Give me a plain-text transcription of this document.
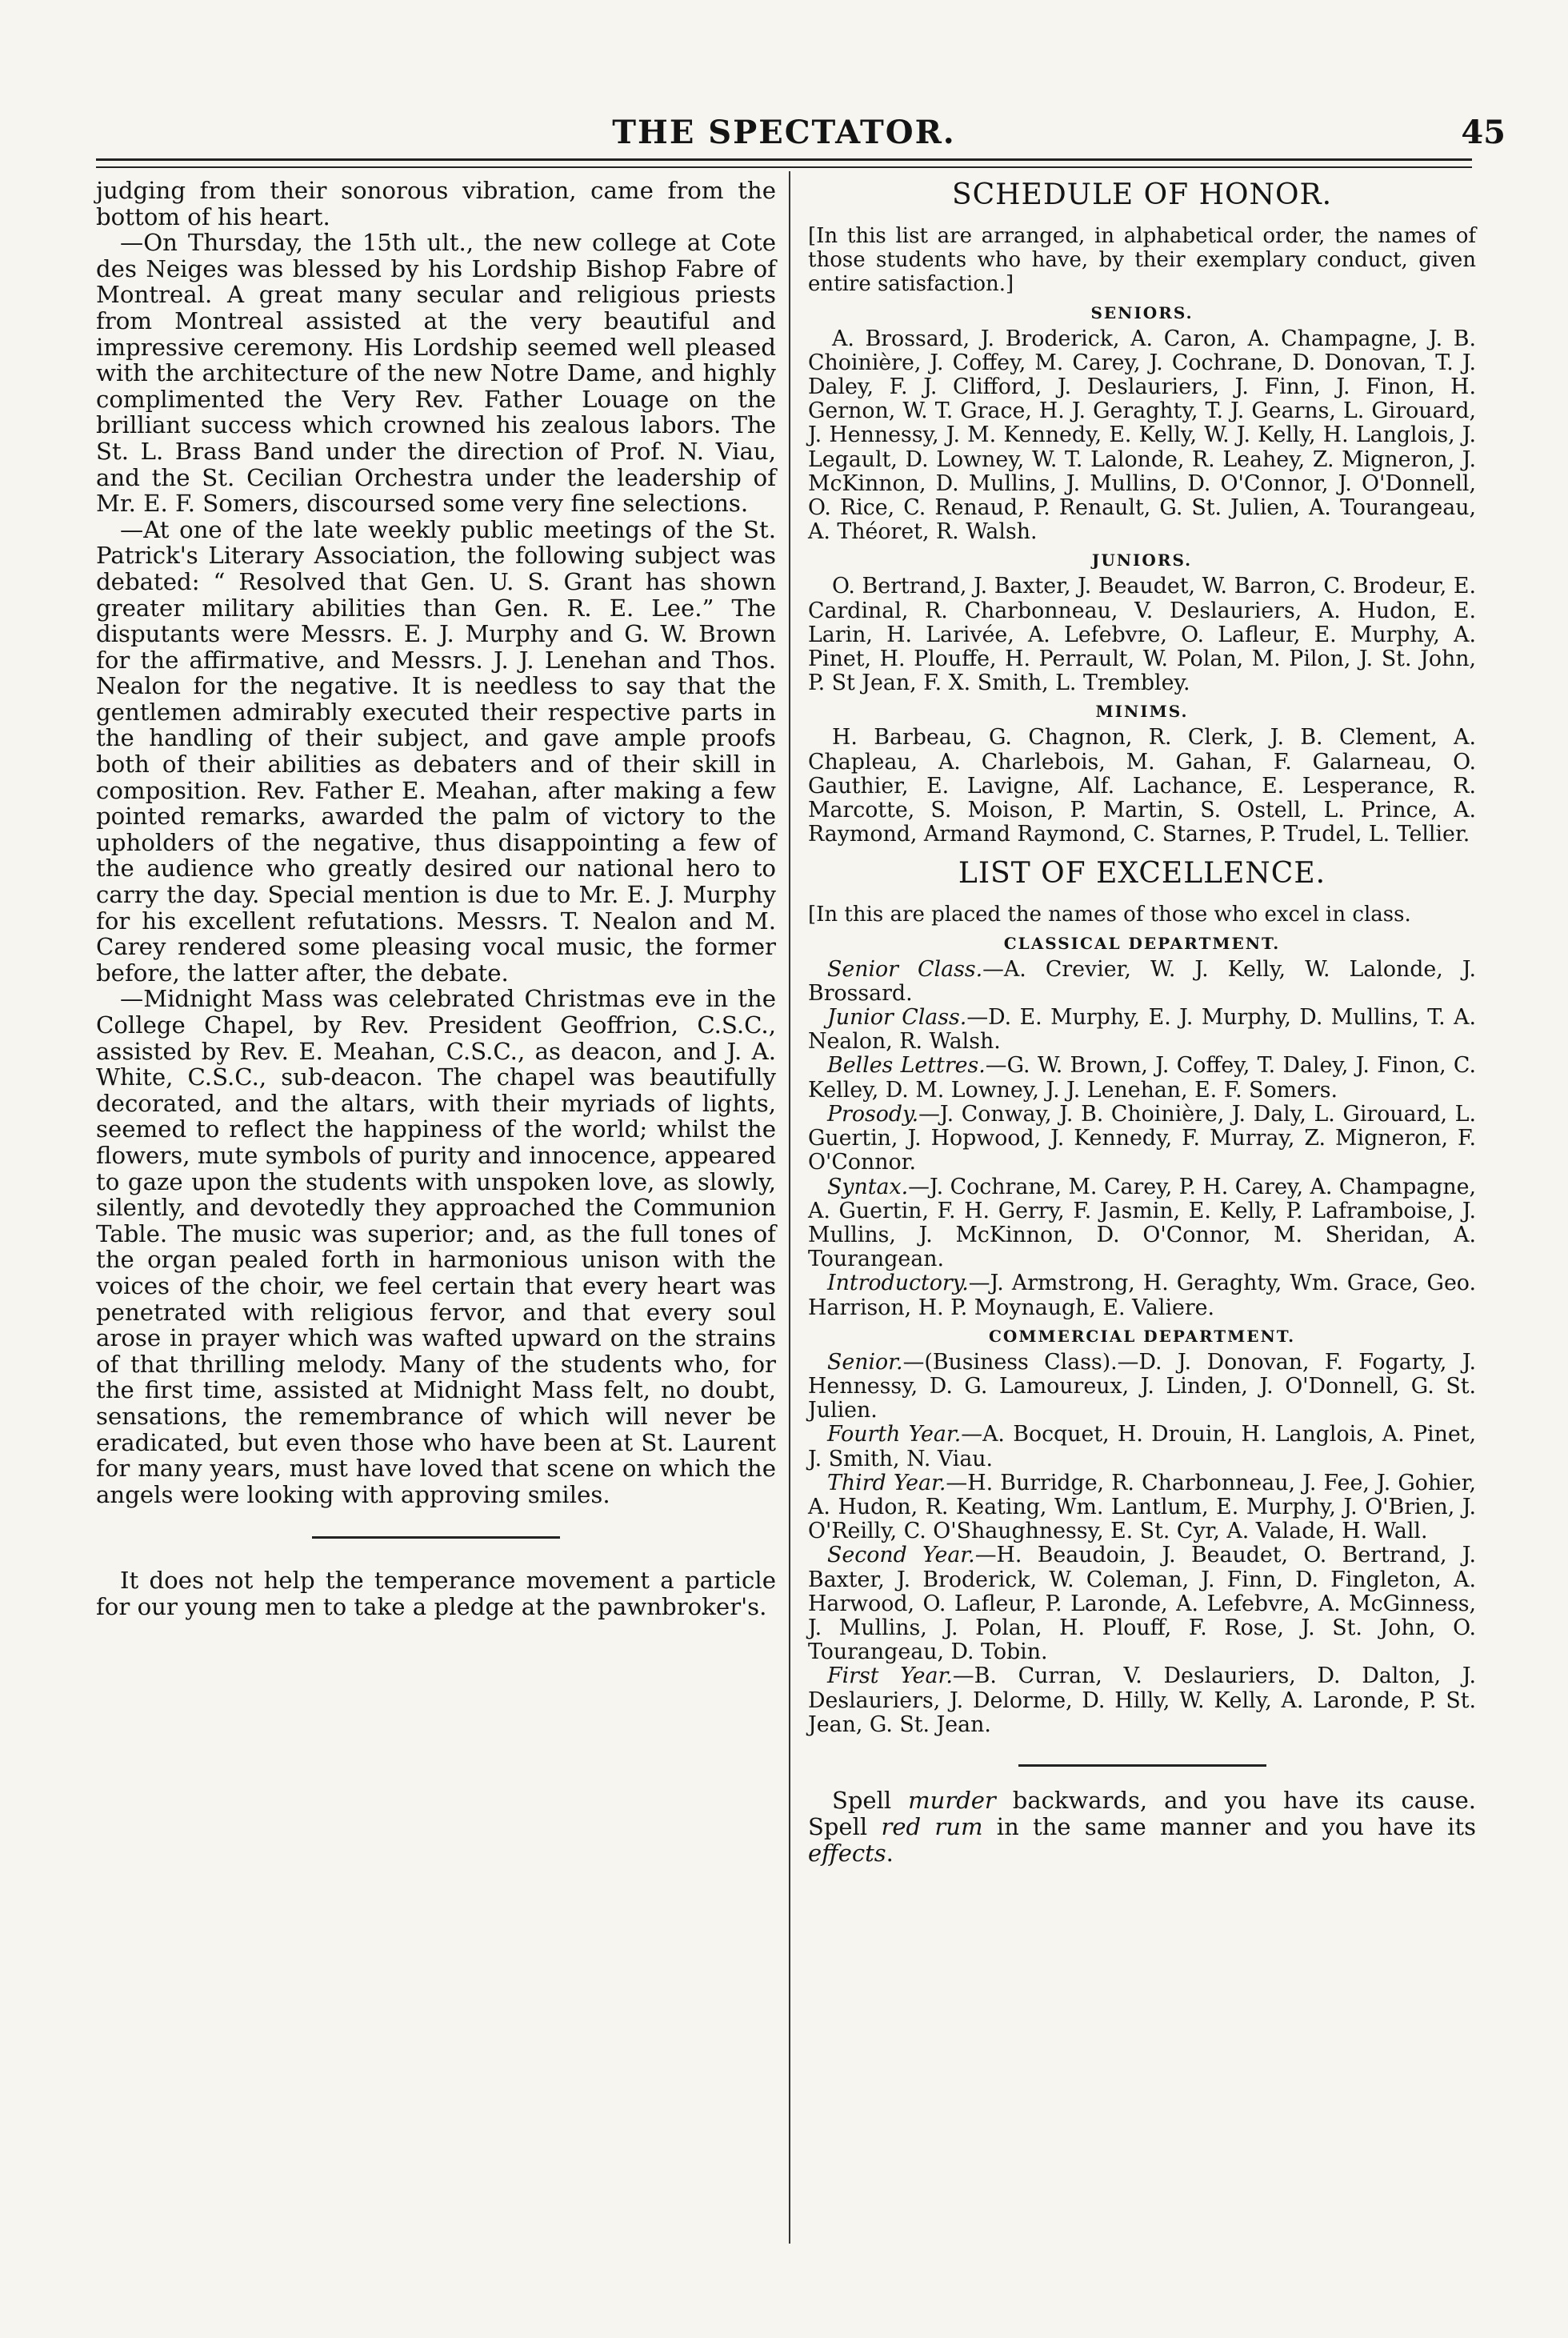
THE SPECTATOR.	45

judging from their sonorous vibration, came from the bottom of his heart.

—On Thursday, the 15th ult., the new college at Cote des Neiges was blessed by his Lordship Bishop Fabre of Montreal. A great many secular and religious priests from Montreal assisted at the very beautiful and impressive ceremony. His Lordship seemed well pleased with the architecture of the new Notre Dame, and highly complimented the Very Rev. Father Louage on the brilliant success which crowned his zealous labors. The St. L. Brass Band under the direction of Prof. N. Viau, and the St. Cecilian Orchestra under the leadership of Mr. E. F. Somers, discoursed some very fine selections.

—At one of the late weekly public meetings of the St. Patrick's Literary Association, the following subject was debated: “ Resolved that Gen. U. S. Grant has shown greater military abilities than Gen. R. E. Lee.” The disputants were Messrs. E. J. Murphy and G. W. Brown for the affirmative, and Messrs. J. J. Lenehan and Thos. Nealon for the negative. It is needless to say that the gentlemen admirably executed their respective parts in the handling of their subject, and gave ample proofs both of their abilities as debaters and of their skill in composition. Rev. Father E. Meahan, after making a few pointed remarks, awarded the palm of victory to the upholders of the negative, thus disappointing a few of the audience who greatly desired our national hero to carry the day. Special mention is due to Mr. E. J. Murphy for his excellent refutations. Messrs. T. Nealon and M. Carey rendered some pleasing vocal music, the former before, the latter after, the debate.

—Midnight Mass was celebrated Christmas eve in the College Chapel, by Rev. President Geoffrion, C.S.C., assisted by Rev. E. Meahan, C.S.C., as deacon, and J. A. White, C.S.C., sub-deacon. The chapel was beautifully decorated, and the altars, with their myriads of lights, seemed to reflect the happiness of the world; whilst the flowers, mute symbols of purity and innocence, appeared to gaze upon the students with unspoken love, as slowly, silently, and devotedly they approached the Communion Table. The music was superior; and, as the full tones of the organ pealed forth in harmonious unison with the voices of the choir, we feel certain that every heart was penetrated with religious fervor, and that every soul arose in prayer which was wafted upward on the strains of that thrilling melody. Many of the students who, for the first time, assisted at Midnight Mass felt, no doubt, sensations, the remembrance of which will never be eradicated, but even those who have been at St. Laurent for many years, must have loved that scene on which the angels were looking with approving smiles.

It does not help the temperance movement a particle for our young men to take a pledge at the pawnbroker's.

SCHEDULE OF HONOR.

[In this list are arranged, in alphabetical order, the names of those students who have, by their exemplary conduct, given entire satisfaction.]

SENIORS.

A. Brossard, J. Broderick, A. Caron, A. Champagne, J. B. Choinière, J. Coffey, M. Carey, J. Cochrane, D. Donovan, T. J. Daley, F. J. Clifford, J. Deslauriers, J. Finn, J. Finon, H. Gernon, W. T. Grace, H. J. Geraghty, T. J. Gearns, L. Girouard, J. Hennessy, J. M. Kennedy, E. Kelly, W. J. Kelly, H. Langlois, J. Legault, D. Lowney, W. T. Lalonde, R. Leahey, Z. Migneron, J. McKinnon, D. Mullins, J. Mullins, D. O'Connor, J. O'Donnell, O. Rice, C. Renaud, P. Renault, G. St. Julien, A. Tourangeau, A. Théoret, R. Walsh.

JUNIORS.

O. Bertrand, J. Baxter, J. Beaudet, W. Barron, C. Brodeur, E. Cardinal, R. Charbonneau, V. Deslauriers, A. Hudon, E. Larin, H. Larivée, A. Lefebvre, O. Lafleur, E. Murphy, A. Pinet, H. Plouffe, H. Perrault, W. Polan, M. Pilon, J. St. John, P. St Jean, F. X. Smith, L. Trembley.

MINIMS.

H. Barbeau, G. Chagnon, R. Clerk, J. B. Clement, A. Chapleau, A. Charlebois, M. Gahan, F. Galarneau, O. Gauthier, E. Lavigne, Alf. Lachance, E. Lesperance, R. Marcotte, S. Moison, P. Martin, S. Ostell, L. Prince, A. Raymond, Armand Raymond, C. Starnes, P. Trudel, L. Tellier.

LIST OF EXCELLENCE.

[In this are placed the names of those who excel in class.

CLASSICAL DEPARTMENT.

Senior Class.—A. Crevier, W. J. Kelly, W. Lalonde, J. Brossard.

Junior Class.—D. E. Murphy, E. J. Murphy, D. Mullins, T. A. Nealon, R. Walsh.

Belles Lettres.—G. W. Brown, J. Coffey, T. Daley, J. Finon, C. Kelley, D. M. Lowney, J. J. Lenehan, E. F. Somers.

Prosody.—J. Conway, J. B. Choinière, J. Daly, L. Girouard, L. Guertin, J. Hopwood, J. Kennedy, F. Murray, Z. Migneron, F. O'Connor.

Syntax.—J. Cochrane, M. Carey, P. H. Carey, A. Champagne, A. Guertin, F. H. Gerry, F. Jasmin, E. Kelly, P. Laframboise, J. Mullins, J. McKinnon, D. O'Connor, M. Sheridan, A. Tourangean.

Introductory.—J. Armstrong, H. Geraghty, Wm. Grace, Geo. Harrison, H. P. Moynaugh, E. Valiere.

COMMERCIAL DEPARTMENT.

Senior.—(Business Class).—D. J. Donovan, F. Fogarty, J. Hennessy, D. G. Lamoureux, J. Linden, J. O'Donnell, G. St. Julien.

Fourth Year.—A. Bocquet, H. Drouin, H. Langlois, A. Pinet, J. Smith, N. Viau.

Third Year.—H. Burridge, R. Charbonneau, J. Fee, J. Gohier, A. Hudon, R. Keating, Wm. Lantlum, E. Murphy, J. O'Brien, J. O'Reilly, C. O'Shaughnessy, E. St. Cyr, A. Valade, H. Wall.

Second Year.—H. Beaudoin, J. Beaudet, O. Bertrand, J. Baxter, J. Broderick, W. Coleman, J. Finn, D. Fingleton, A. Harwood, O. Lafleur, P. Laronde, A. Lefebvre, A. McGinness, J. Mullins, J. Polan, H. Plouff, F. Rose, J. St. John, O. Tourangeau, D. Tobin.

First Year.—B. Curran, V. Deslauriers, D. Dalton, J. Deslauriers, J. Delorme, D. Hilly, W. Kelly, A. Laronde, P. St. Jean, G. St. Jean.

Spell murder backwards, and you have its cause. Spell red rum in the same manner and you have its effects.
